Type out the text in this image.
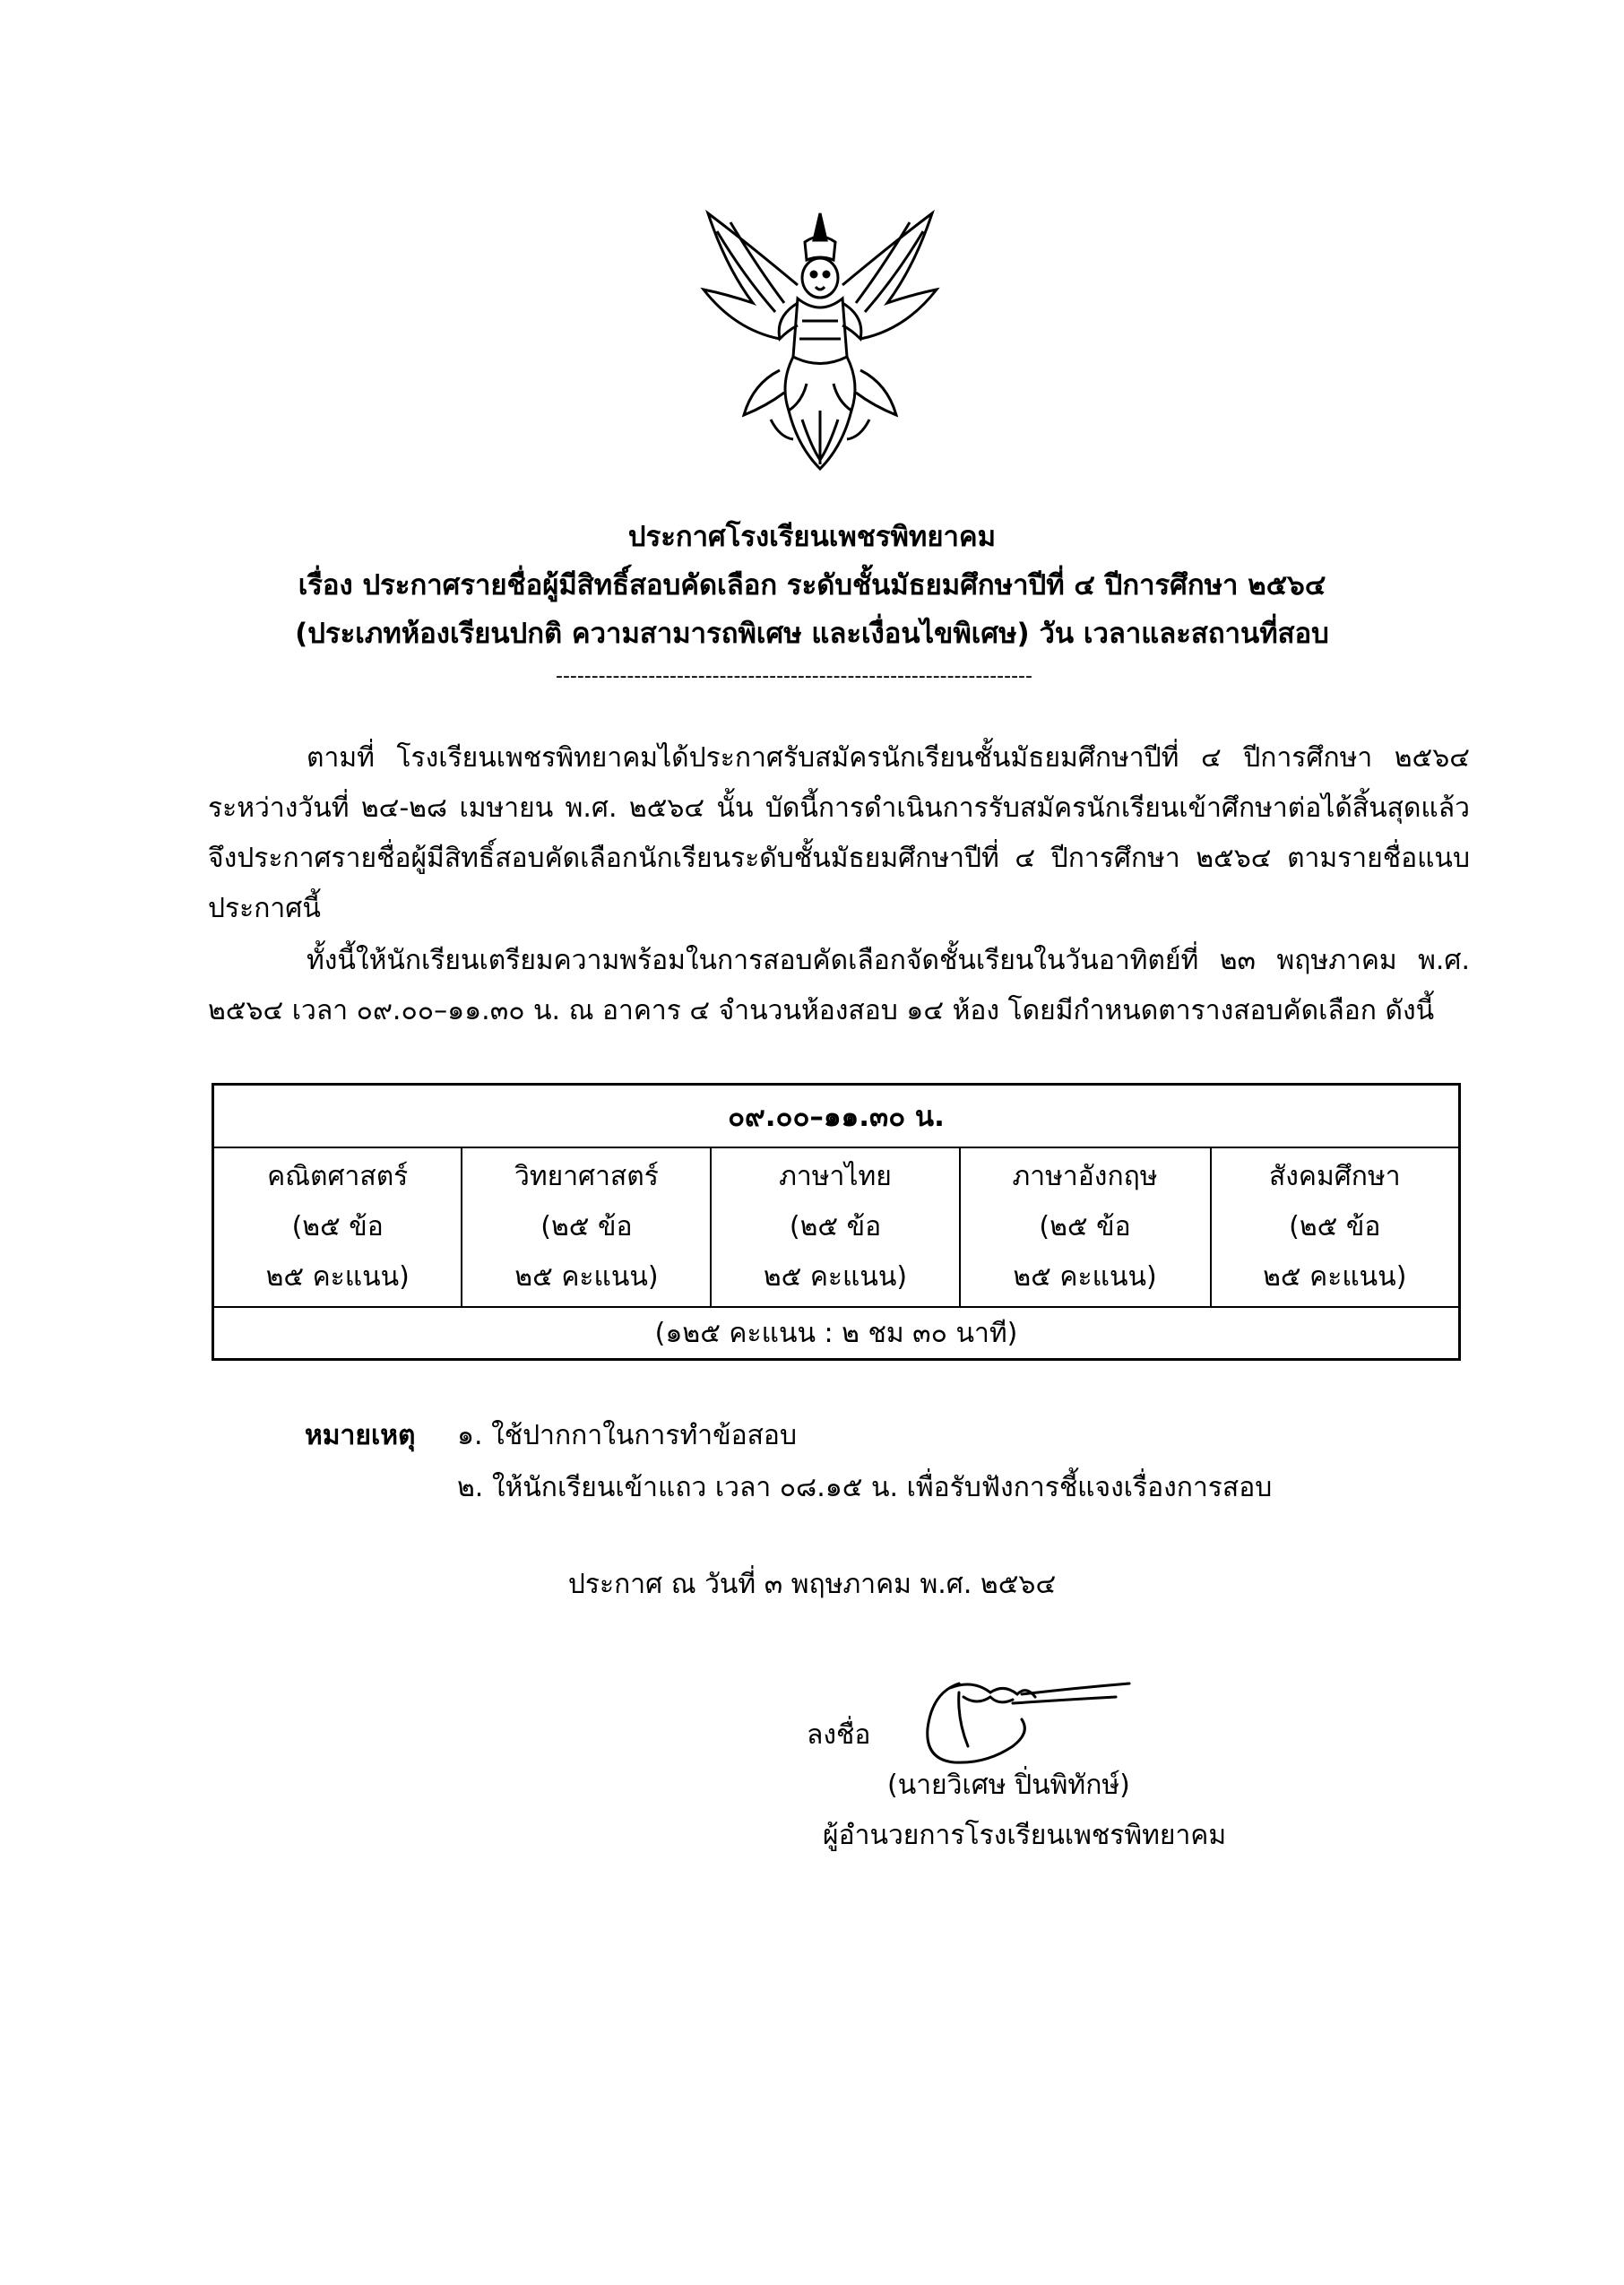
ประกาศโรงเรียนเพชรพิทยาคม
เรื่อง ประกาศรายชื่อผู้มีสิทธิ์สอบคัดเลือก ระดับชั้นมัธยมศึกษาปีที่ ๔ ปีการศึกษา ๒๕๖๔
(ประเภทห้องเรียนปกติ ความสามารถพิเศษ และเงื่อนไขพิเศษ) วัน เวลาและสถานที่สอบ
-------------------------------------------------------------------
ตามที่ โรงเรียนเพชรพิทยาคมได้ประกาศรับสมัครนักเรียนชั้นมัธยมศึกษาปีที่ ๔ ปีการศึกษา ๒๕๖๔ ระหว่างวันที่ ๒๔-๒๘ เมษายน พ.ศ. ๒๕๖๔ นั้น บัดนี้การดำเนินการรับสมัครนักเรียนเข้าศึกษาต่อได้สิ้นสุดแล้ว จึงประกาศรายชื่อผู้มีสิทธิ์สอบคัดเลือกนักเรียนระดับชั้นมัธยมศึกษาปีที่ ๔ ปีการศึกษา ๒๕๖๔ ตามรายชื่อแนบประกาศนี้
ทั้งนี้ให้นักเรียนเตรียมความพร้อมในการสอบคัดเลือกจัดชั้นเรียนในวันอาทิตย์ที่ ๒๓ พฤษภาคม พ.ศ. ๒๕๖๔ เวลา ๐๙.๐๐–๑๑.๓๐ น. ณ อาคาร ๔ จำนวนห้องสอบ ๑๔ ห้อง โดยมีกำหนดตารางสอบคัดเลือก ดังนี้
๐๙.๐๐–๑๑.๓๐ น.

คณิตศาสตร์
(๒๕ ข้อ
๒๕ คะแนน)

วิทยาศาสตร์
(๒๕ ข้อ
๒๕ คะแนน)

ภาษาไทย
(๒๕ ข้อ
๒๕ คะแนน)

ภาษาอังกฤษ
(๒๕ ข้อ
๒๕ คะแนน)

สังคมศึกษา
(๒๕ ข้อ
๒๕ คะแนน)

(๑๒๕ คะแนน : ๒ ชม ๓๐ นาที)
หมายเหตุ ๑. ใช้ปากกาในการทำข้อสอบ
๒. ให้นักเรียนเข้าแถว เวลา ๐๘.๑๕ น. เพื่อรับฟังการชี้แจงเรื่องการสอบ
ประกาศ ณ วันที่ ๓ พฤษภาคม พ.ศ. ๒๕๖๔
ลงชื่อ
(นายวิเศษ ปิ่นพิทักษ์)
ผู้อำนวยการโรงเรียนเพชรพิทยาคม
